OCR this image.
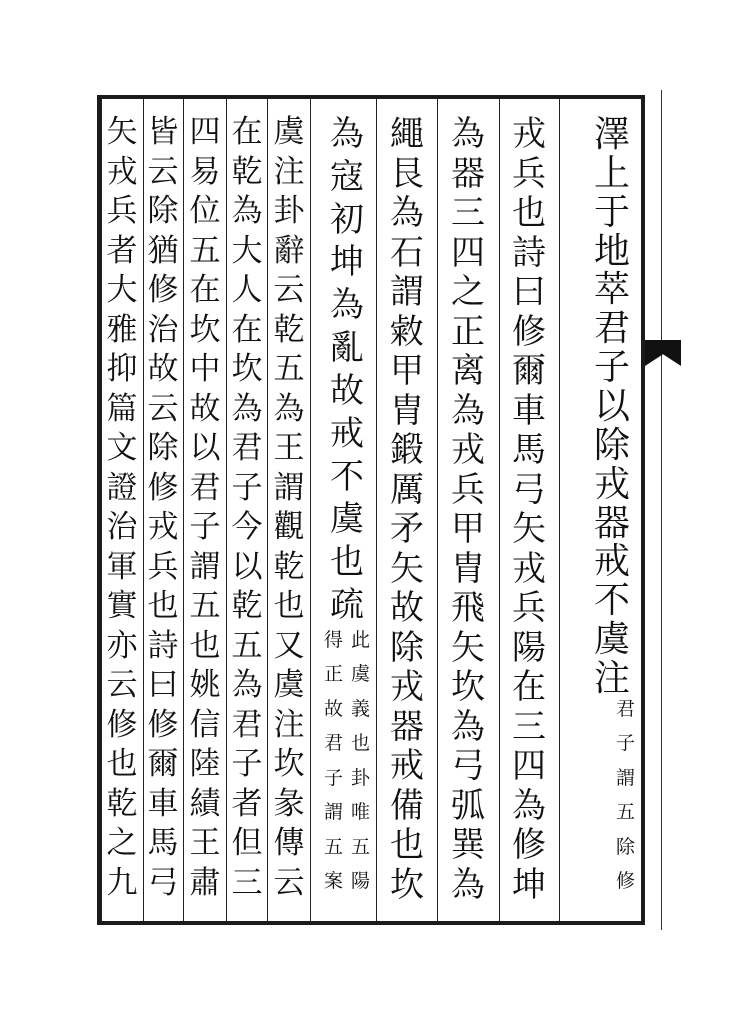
澤
上
于
地
萃
君
子
以
除
戎
器
戒
不
虞
注
君
子
謂
五
除
修
戎
兵
也
詩
曰
修
爾
車
馬
弓
矢
戎
兵
陽
在
三
四
為
修
坤
為
器
三
四
之
正
离
為
戎
兵
甲
胄
飛
矢
坎
為
弓
弧
巽
為
繩
艮
為
石
謂
敹
甲
胄
鍛
厲
矛
矢
故
除
戎
器
戒
備
也
坎
為
寇
初
坤
為
亂
故
戒
不
虞
也
疏
得
正
故
君
子
謂
五
案
此
虞
義
也
卦
唯
五
陽
虞
注
卦
辭
云
乾
五
為
王
謂
觀
乾
也
又
虞
注
坎
彖
傳
云
在
乾
為
大
人
在
坎
為
君
子
今
以
乾
五
為
君
子
者
但
三
四
易
位
五
在
坎
中
故
以
君
子
謂
五
也
姚
信
陸
績
王
肅
皆
云
除
猶
修
治
故
云
除
修
戎
兵
也
詩
曰
修
爾
車
馬
弓
矢
戎
兵
者
大
雅
抑
篇
文
證
治
軍
實
亦
云
修
也
乾
之
九
